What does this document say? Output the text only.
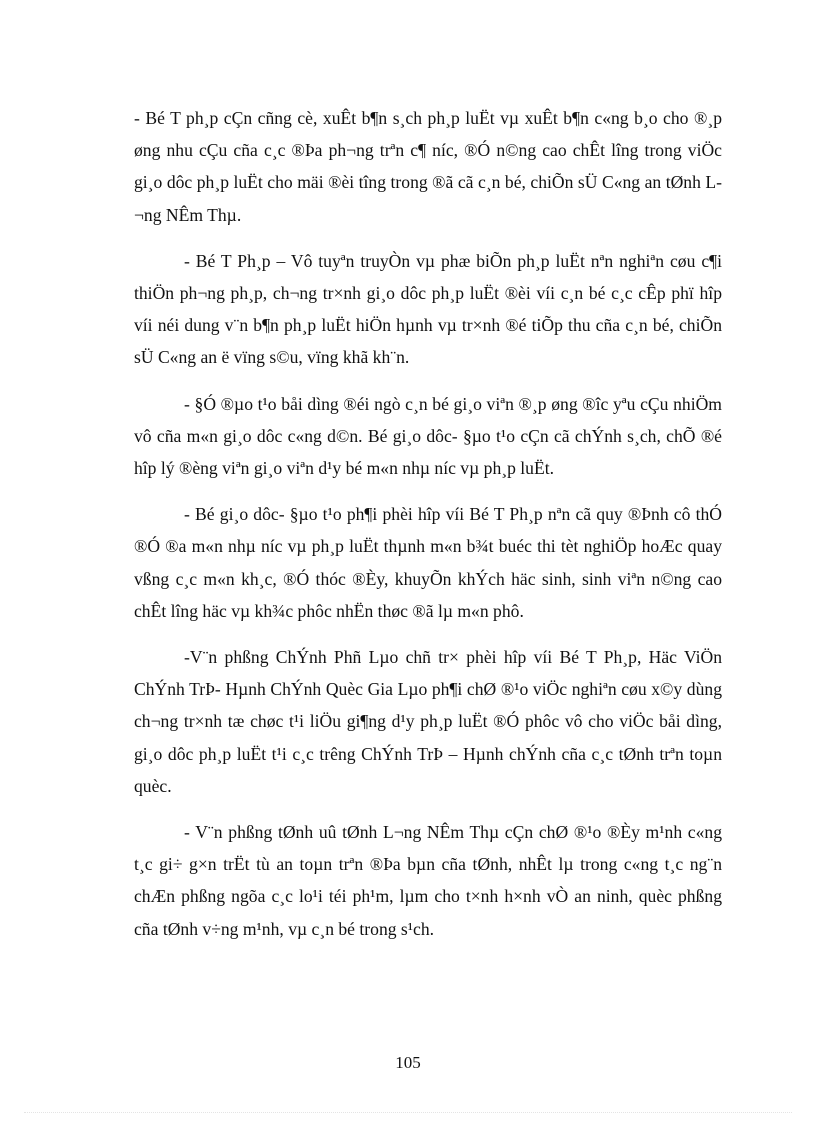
- Bé T ph¸p cÇn cñng cè, xuÊt b¶n s¸ch ph¸p luËt vµ xuÊt b¶n c«ng b¸o cho ®¸p øng nhu cÇu cña c¸c ®Þa ph¬ng trªn c¶ níc, ®Ó n©ng cao chÊt lîng trong viÖc gi¸o dôc ph¸p luËt cho mäi ®èi tîng trong ®ã cã c¸n bé, chiÕn sÜ C«ng an tØnh L¬ng NÊm Thµ.

- Bé T Ph¸p – Vô tuyªn truyÒn vµ phæ biÕn ph¸p luËt nªn nghiªn cøu c¶i thiÖn ph¬ng ph¸p, ch¬ng tr×nh gi¸o dôc ph¸p luËt ®èi víi c¸n bé c¸c cÊp phï hîp víi néi dung v¨n b¶n ph¸p luËt hiÖn hµnh vµ tr×nh ®é tiÕp thu cña c¸n bé, chiÕn sÜ C«ng an ë vïng s©u, vïng khã kh¨n.

- §Ó ®µo t¹o båi dìng ®éi ngò c¸n bé gi¸o viªn ®¸p øng ®îc yªu cÇu nhiÖm vô cña m«n gi¸o dôc c«ng d©n. Bé gi¸o dôc- §µo t¹o cÇn cã chÝnh s¸ch, chÕ ®é hîp lý ®èng viªn gi¸o viªn d¹y bé m«n nhµ níc vµ ph¸p luËt.

- Bé gi¸o dôc- §µo t¹o ph¶i phèi hîp víi Bé T Ph¸p nªn cã quy ®Þnh cô thÓ ®Ó ®a m«n nhµ níc vµ ph¸p luËt thµnh m«n b¾t buéc thi tèt nghiÖp hoÆc quay vßng c¸c m«n kh¸c, ®Ó thóc ®Èy, khuyÕn khÝch häc sinh, sinh viªn n©ng cao chÊt lîng häc vµ kh¾c phôc nhËn thøc ®ã lµ m«n phô.

-V¨n phßng ChÝnh Phñ Lµo chñ tr× phèi hîp víi Bé T Ph¸p, Häc ViÖn ChÝnh TrÞ- Hµnh ChÝnh Quèc Gia Lµo ph¶i chØ ®¹o viÖc nghiªn cøu x©y dùng ch¬ng tr×nh tæ chøc t¹i liÖu gi¶ng d¹y ph¸p luËt ®Ó phôc vô cho viÖc båi dìng, gi¸o dôc ph¸p luËt t¹i c¸c trêng ChÝnh TrÞ – Hµnh chÝnh cña c¸c tØnh trªn toµn quèc.

- V¨n phßng tØnh uû tØnh L¬ng NÊm Thµ cÇn chØ ®¹o ®Èy m¹nh c«ng t¸c gi÷ g×n trËt tù an toµn trªn ®Þa bµn cña tØnh, nhÊt lµ trong c«ng t¸c ng¨n chÆn phßng ngõa c¸c lo¹i téi ph¹m, lµm cho t×nh h×nh vÒ an ninh, quèc phßng cña tØnh v÷ng m¹nh, vµ c¸n bé trong s¹ch.

105
